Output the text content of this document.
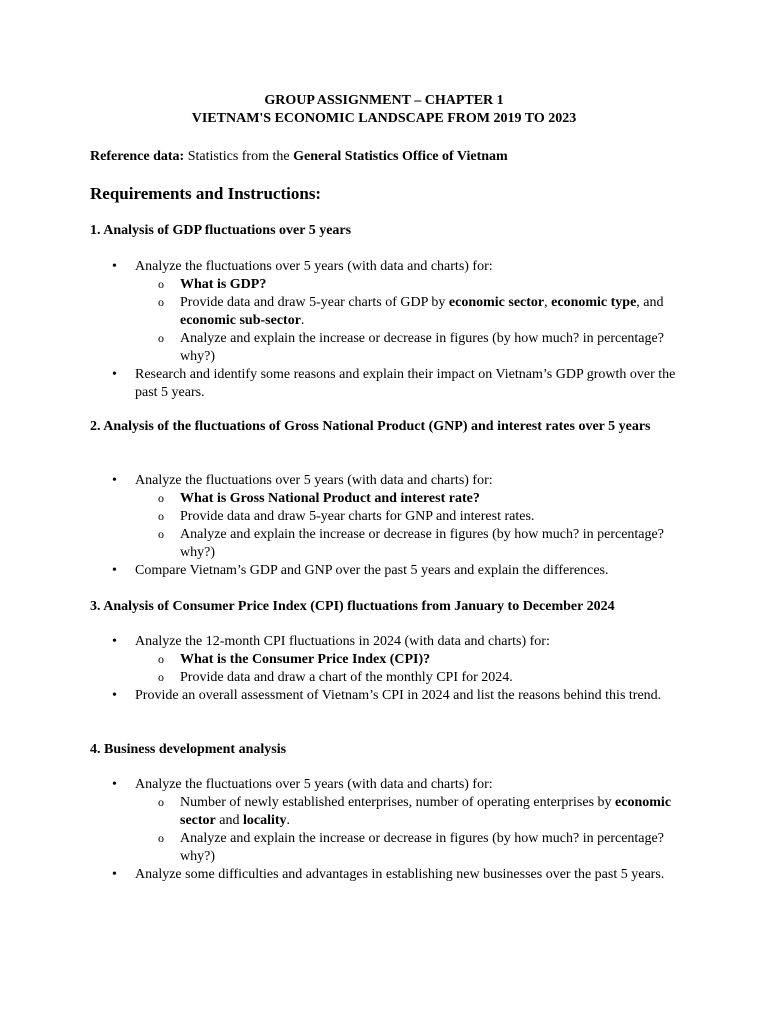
GROUP ASSIGNMENT – CHAPTER 1
VIETNAM'S ECONOMIC LANDSCAPE FROM 2019 TO 2023
Reference data: Statistics from the General Statistics Office of Vietnam
Requirements and Instructions:
1. Analysis of GDP fluctuations over 5 years
• Analyze the fluctuations over 5 years (with data and charts) for:
o What is GDP?
o Provide data and draw 5-year charts of GDP by economic sector, economic type, and economic sub-sector.
o Analyze and explain the increase or decrease in figures (by how much? in percentage? why?)
• Research and identify some reasons and explain their impact on Vietnam’s GDP growth over the past 5 years.
2. Analysis of the fluctuations of Gross National Product (GNP) and interest rates over 5 years
• Analyze the fluctuations over 5 years (with data and charts) for:
o What is Gross National Product and interest rate?
o Provide data and draw 5-year charts for GNP and interest rates.
o Analyze and explain the increase or decrease in figures (by how much? in percentage? why?)
• Compare Vietnam’s GDP and GNP over the past 5 years and explain the differences.
3. Analysis of Consumer Price Index (CPI) fluctuations from January to December 2024
• Analyze the 12-month CPI fluctuations in 2024 (with data and charts) for:
o What is the Consumer Price Index (CPI)?
o Provide data and draw a chart of the monthly CPI for 2024.
• Provide an overall assessment of Vietnam’s CPI in 2024 and list the reasons behind this trend.
4. Business development analysis
• Analyze the fluctuations over 5 years (with data and charts) for:
o Number of newly established enterprises, number of operating enterprises by economic sector and locality.
o Analyze and explain the increase or decrease in figures (by how much? in percentage? why?)
• Analyze some difficulties and advantages in establishing new businesses over the past 5 years.
